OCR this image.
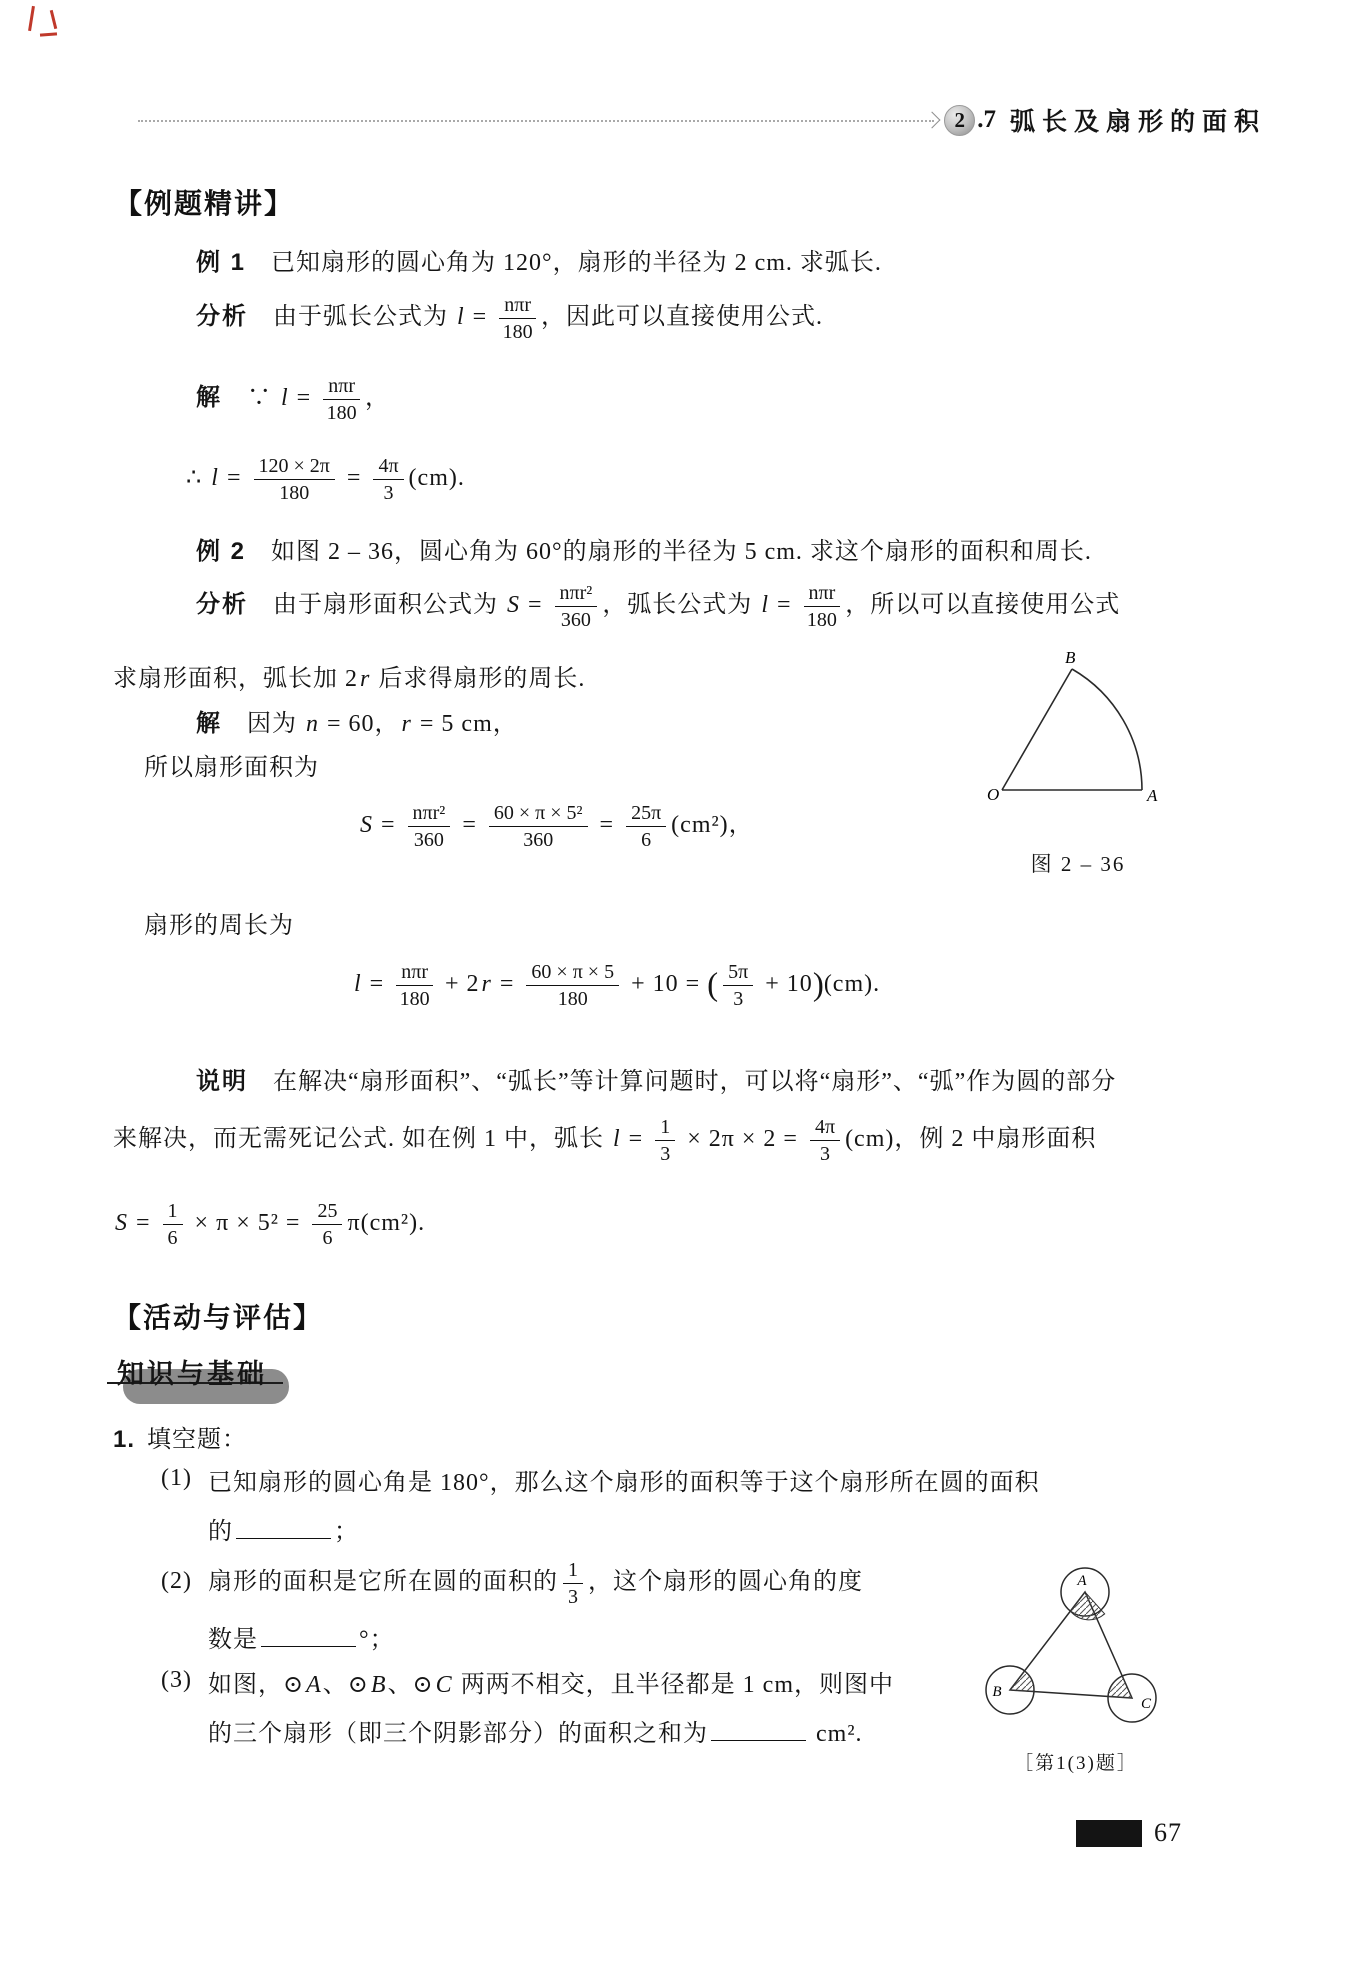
2 .7 弧长及扇形的面积
【例题精讲】
例 1　已知扇形的圆心角为 120°，扇形的半径为 2 cm. 求弧长.
分析　由于弧长公式为 $l = \frac{\text{nπr}}{180}$ ，因此可以直接使用公式.
解　∵ $l = \frac{\text{nπr}}{180}$ ，
∴ $l = \frac{120 \times 2\pi}{180} = \frac{4\pi}{3} (cm)$.
例 2　如图 2 – 36，圆心角为 60°的扇形的半径为 5 cm. 求这个扇形的面积和周长.
分析　由于扇形面积公式为 $S = \frac{\text{nπr²}}{360}$ ，弧长公式为 $l = \frac{\text{nπr}}{180}$ ，所以可以直接使用公式
求扇形面积，弧长加 2r 后求得扇形的周长.
解　因为 n = 60，r = 5 cm，
所以扇形面积为
$S = \frac{\text{nπr²}}{360} = \frac{\text{60 × π × 5²}}{360} = \frac{25\pi}{6} (cm^2)$，
扇形的周长为
$l = \frac{\text{nπr}}{180} + 2r = \frac{60 \times \pi \times 5}{180} + 10$ = ( $\frac{5\pi}{3} + 10)(cm)$.
说明　在解决“扇形面积”、“弧长”等计算问题时，可以将“扇形”、“弧”作为圆的部分
来解决，而无需死记公式. 如在例 1 中，弧长 $l = \frac{1}{3} \times 2\pi \times 2 = \frac{4\pi}{3} (cm)$，例 2 中扇形面积
$S = \frac{1}{6} \times \pi \times 5^2 = \frac{25}{6} \pi(cm^2)$.
O	A
B
图 2 – 36
【活动与评估】
知识与基础
1. 填空题：
(1) 已知扇形的圆心角是 180°，那么这个扇形的面积等于这个扇形所在圆的面积
的	；
(2) 扇形的面积是它所在圆的面积的 $\frac{1}{3}$ ，这个扇形的圆心角的度
数是	°；
(3) 如图，⊙A、⊙B、⊙C 两两不相交，且半径都是 1 cm，则图中
的三个扇形（即三个阴影部分）的面积之和为	cm².
A
B
C
［第1(3)题］
67
